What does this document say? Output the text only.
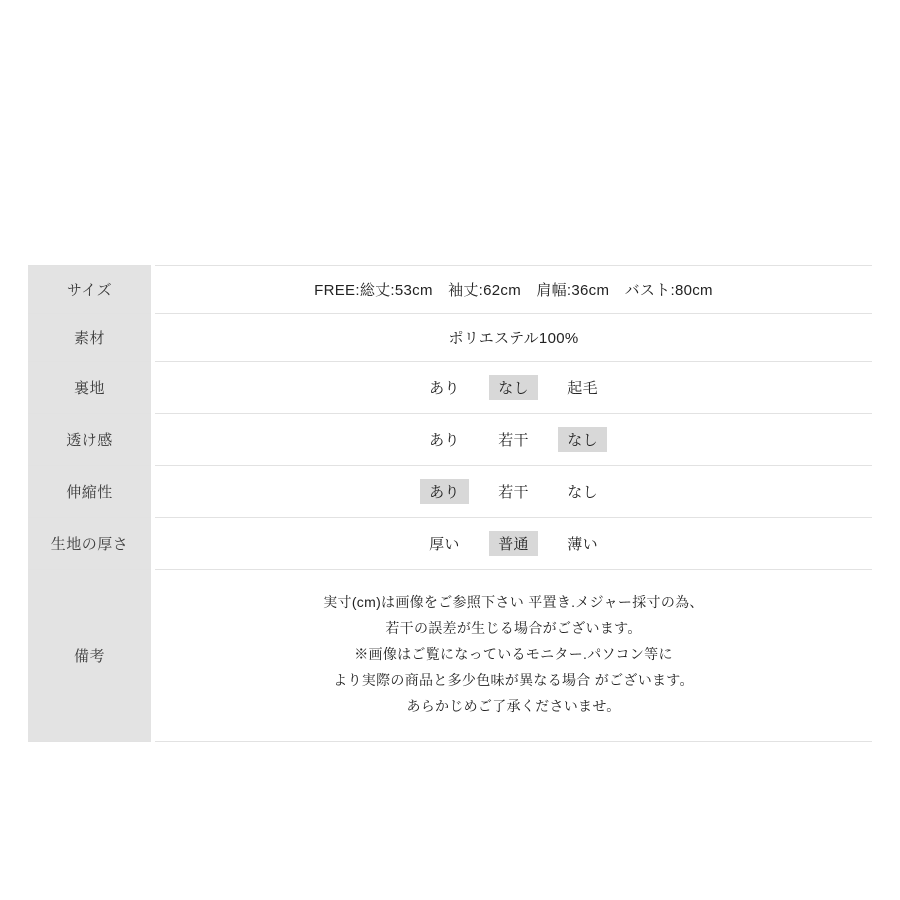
サイズ	FREE:総丈:53cm　袖丈:62cm　肩幅:36cm　バスト:80cm
素材	ポリエステル100%
裏地	あり なし 起毛
透け感	あり 若干 なし
伸縮性	あり 若干 なし
生地の厚さ	厚い 普通 薄い
備考	実寸(cm)は画像をご参照下さい 平置き.メジャー採寸の為、
若干の誤差が生じる場合がございます。
※画像はご覧になっているモニター.パソコン等に
より実際の商品と多少色味が異なる場合 がございます。
あらかじめご了承くださいませ。
